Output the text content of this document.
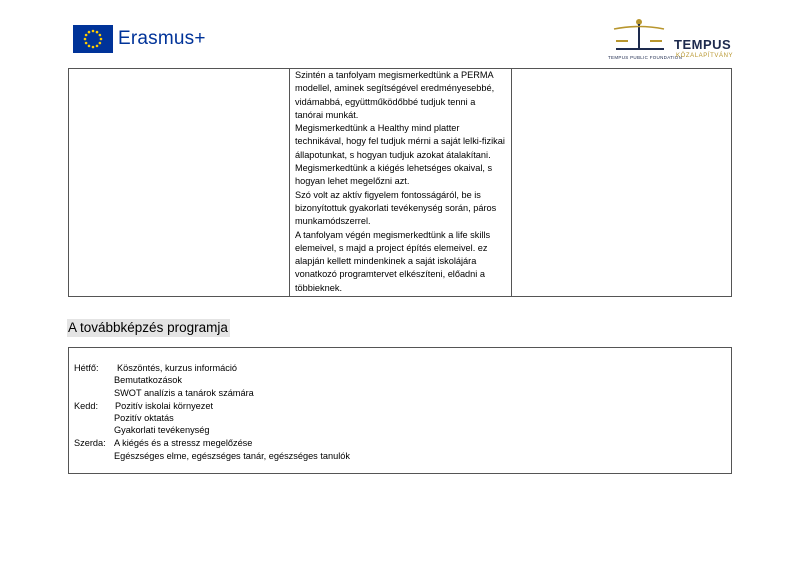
Erasmus+	TEMPUS
TEMPUS PUBLIC FOUNDATION
KÖZALAPÍTVÁNY

Szintén a tanfolyam megismerkedtünk a PERMA modellel, aminek segítségével eredményesebbé, vidámabbá, együttműködőbbé tudjuk tenni a tanórai munkát.

Megismerkedtünk a Healthy mind platter technikával, hogy fel tudjuk mérni a saját lelki-fizikai állapotunkat, s hogyan tudjuk azokat átalakítani.

Megismerkedtünk a kiégés lehetséges okaival, s hogyan lehet megelőzni azt.

Szó volt az aktív figyelem fontosságáról, be is bizonyítottuk gyakorlati tevékenység során, páros munkamódszerrel.

A tanfolyam végén megismerkedtünk a life skills elemeivel, s majd a project építés elemeivel. ez alapján kellett mindenkinek a saját iskolájára vonatkozó programtervet elkészíteni, előadni a többieknek.

A továbbképzés programja
Hétfő: Köszöntés, kurzus információ
Bemutatkozások
SWOT analízis a tanárok számára
Kedd: Pozitív iskolai környezet
Pozitív oktatás
Gyakorlati tevékenység
Szerda: A kiégés és a stressz megelőzése
Egészséges elme, egészséges tanár, egészséges tanulók
